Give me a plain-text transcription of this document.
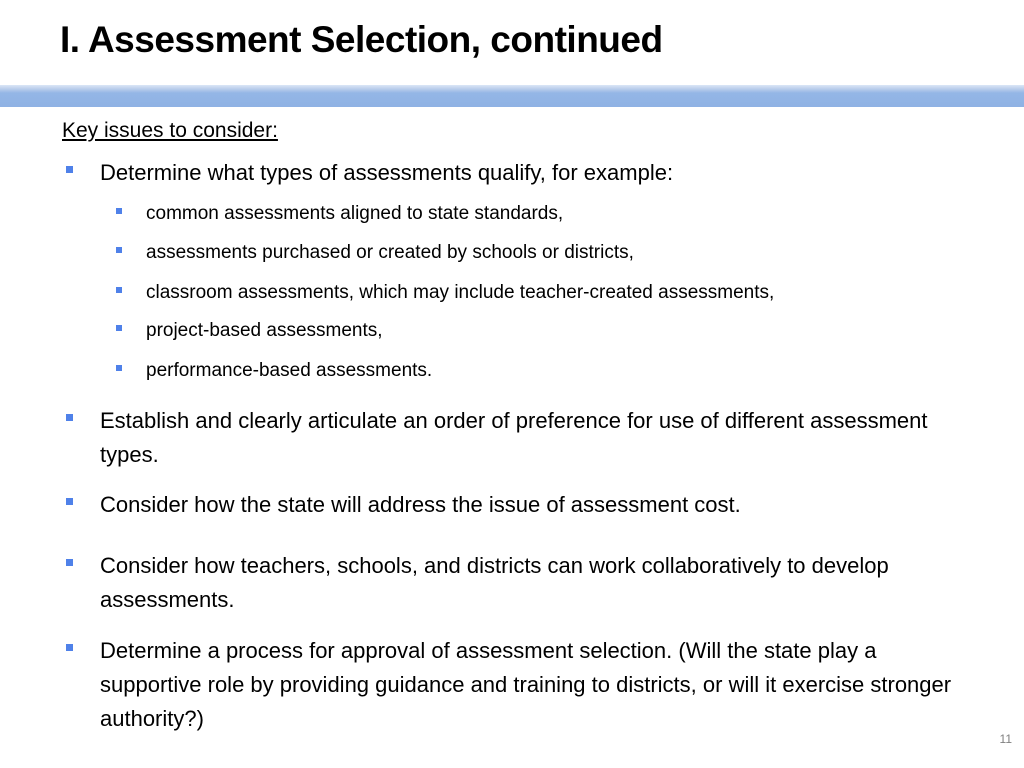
I. Assessment Selection, continued
Key issues to consider:
Determine what types of assessments qualify, for example:
common assessments aligned to state standards,
assessments purchased or created by schools or districts,
classroom assessments, which may include teacher-created assessments,
project-based assessments,
performance-based assessments.
Establish and clearly articulate an order of preference for use of different assessment types.
Consider how the state will address the issue of assessment cost.
Consider how teachers, schools, and districts can work collaboratively to develop assessments.
Determine a process for approval of assessment selection. (Will the state play a supportive role by providing guidance and training to districts, or will it exercise stronger authority?)
11
